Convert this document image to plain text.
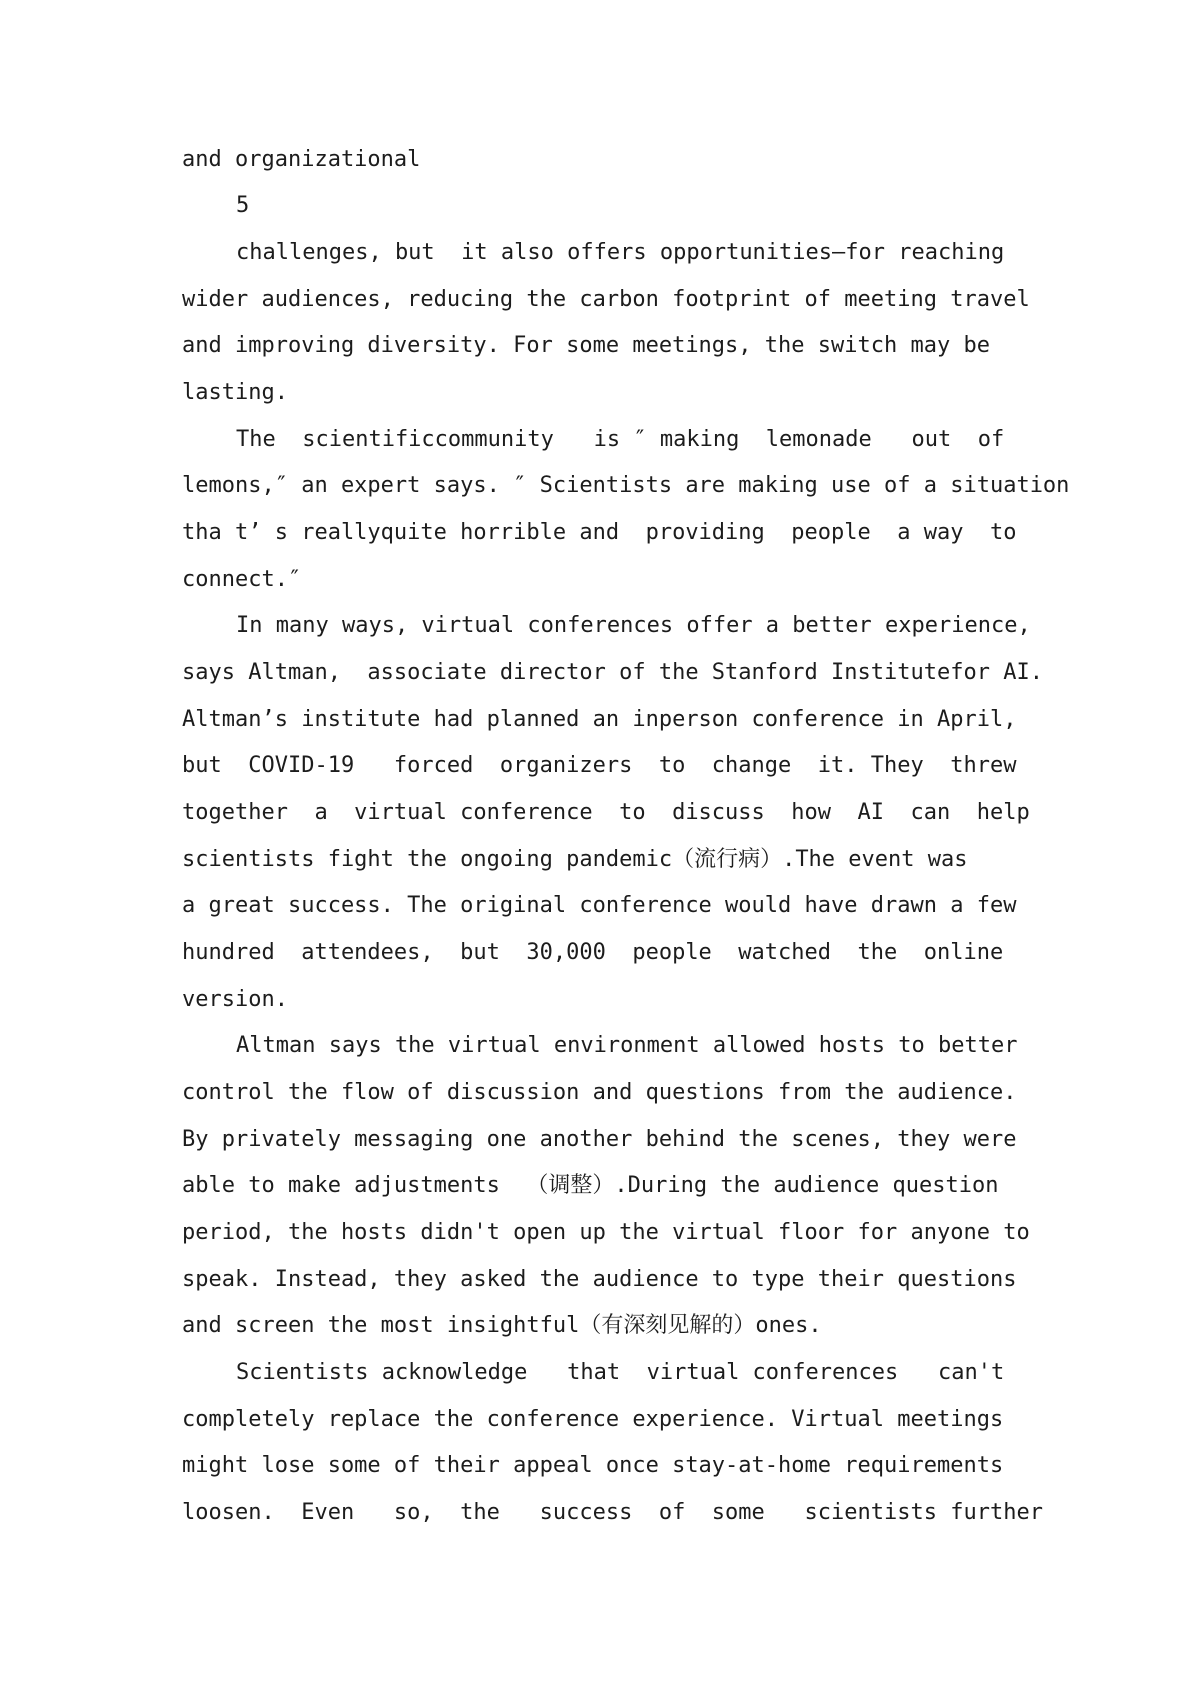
and organizational
5
challenges, but  it also offers opportunities—for reaching
wider audiences, reducing the carbon footprint of meeting travel
and improving diversity. For some meetings, the switch may be
lasting.
The  scientificcommunity   is ″ making  lemonade   out  of
lemons,″ an expert says. ″ Scientists are making use of a situation
tha t’ s reallyquite horrible and  providing  people  a way  to
connect.″
In many ways, virtual conferences offer a better experience,
says Altman,  associate director of the Stanford Institutefor AI.
Altman’s institute had planned an inperson conference in April,
but  COVID-19   forced  organizers  to  change  it. They  threw
together  a  virtual conference  to  discuss  how  AI  can  help
scientists fight the ongoing pandemic（流行病）.The event was
a great success. The original conference would have drawn a few
hundred  attendees,  but  30,000  people  watched  the  online
version.
Altman says the virtual environment allowed hosts to better
control the flow of discussion and questions from the audience.
By privately messaging one another behind the scenes, they were
able to make adjustments  （调整）.During the audience question
period, the hosts didn't open up the virtual floor for anyone to
speak. Instead, they asked the audience to type their questions
and screen the most insightful（有深刻见解的）ones.
Scientists acknowledge   that  virtual conferences   can't
completely replace the conference experience. Virtual meetings
might lose some of their appeal once stay-at-home requirements
loosen.  Even   so,  the   success  of  some   scientists further
